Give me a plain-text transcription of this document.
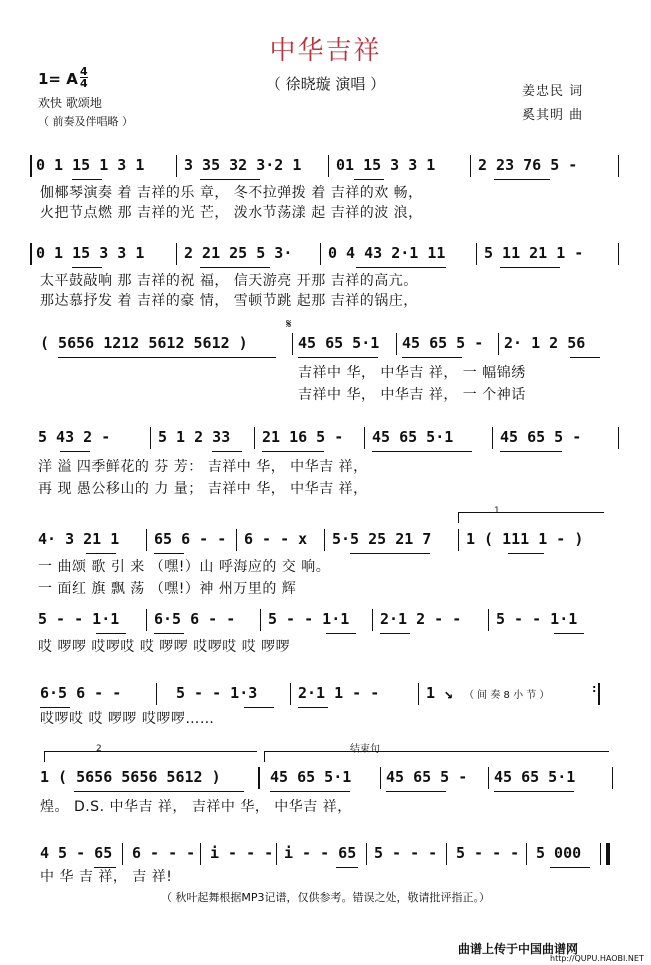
中华吉祥
（ 徐晓璇 演唱 ）
1= A 4
4
欢快 歌颂地
（ 前奏及伴唱略 ）
姜忠民 词
奚其明 曲
0 1 15 1 3 1	3 35 32 3·2 1 01 15 3 3 1	2 23 76 5 -
伽椰琴演奏 着 吉祥的乐 章， 冬不拉弹拨 着 吉祥的欢 畅，
火把节点燃 那 吉祥的光 芒， 泼水节荡漾 起 吉祥的波 浪，
0 1 15 3 3 1	2 21 25 5 3· 0 4 43 2·1 11	5 11 21 1 -
太平鼓敲响 那 吉祥的祝 福， 信天游亮 开那 吉祥的高亢。
那达慕抒发 着 吉祥的豪 情， 雪顿节跳 起那 吉祥的锅庄，
𝄋
( 5656 1212 5612 5612 )	45 65 5·1 45 65 5 - 2· 1 2 56
吉祥中 华， 中华吉 祥， 一 幅锦绣
吉祥中 华， 中华吉 祥， 一 个神话
5 43 2 -	5 1 2 33 21 16 5 - 45 65 5·1	45 65 5 -
洋 溢 四季鲜花的 芬 芳： 吉祥中 华， 中华吉 祥，
再 现 愚公移山的 力 量； 吉祥中 华， 中华吉 祥，
1
4· 3 21 1 65 6 - - 6 - - x 5·5 25 21 7 1 ( 111 1 - )
一 曲颂 歌 引 来 （嘿!）山 呼海应的 交 响。
一 面红 旗 飘 荡 （嘿!）神 州万里的 辉
5 - - 1·1 6·5 6 - - 5 - - 1·1 2·1 2 - - 5 - - 1·1
哎 啰啰 哎啰哎 哎 啰啰 哎啰哎 哎 啰啰
6·5 6 - -	5 - - 1·3	2·1 1 - -	1 ↘ （ 间 奏 8 小 节 ）
:
哎啰哎 哎 啰啰 哎啰啰……
2	结束句
1 ( 5656 5656 5612 )	45 65 5·1 45 65 5 - 45 65 5·1
煌。 D.S. 中华吉 祥， 吉祥中 华， 中华吉 祥，
4 5 - 65 6 - - - i - - - i - - 65 5 - - - 5 - - - 5 000
中 华 吉 祥， 吉 祥!
（ 秋叶起舞根据MP3记谱，仅供参考。错误之处，敬请批评指正。）
曲谱上传于中国曲谱网
http://QUPU.HAOBI.NET
